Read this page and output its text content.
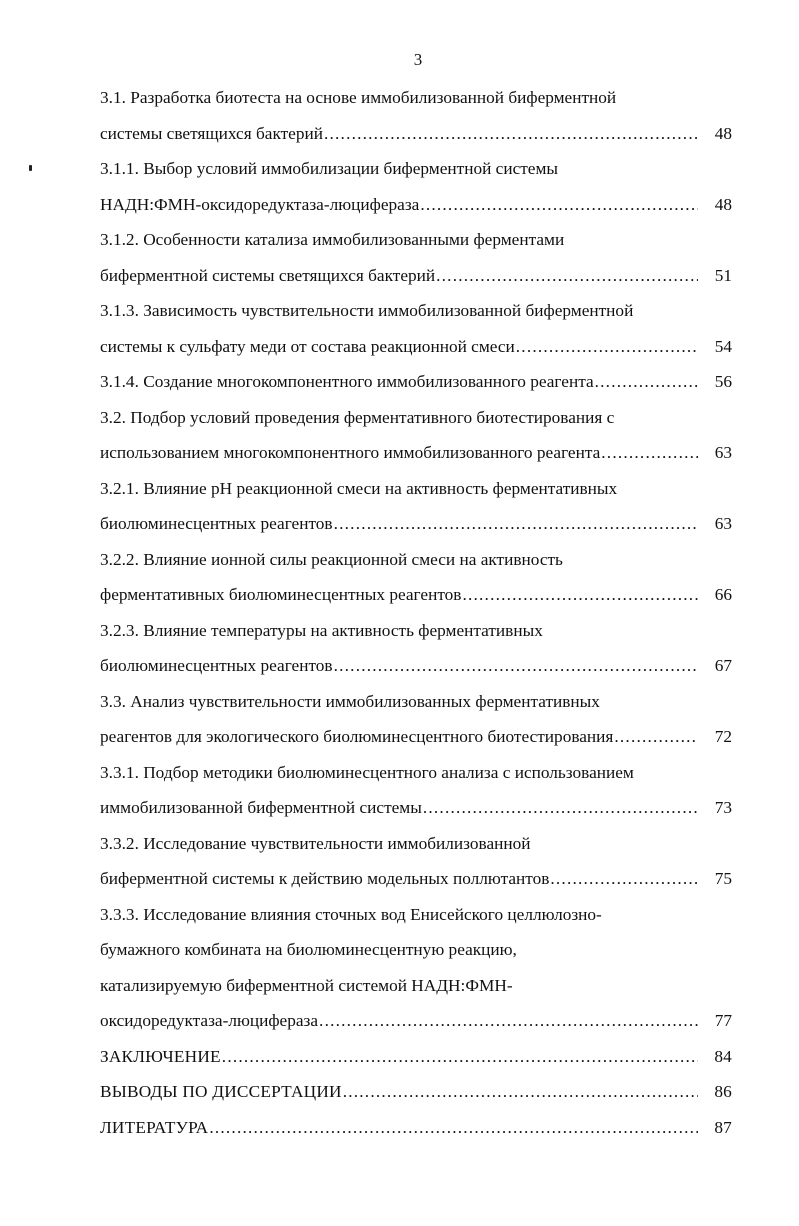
3
3.1. Разработка биотеста на основе иммобилизованной биферментной
системы светящихся бактерий .....	48
3.1.1. Выбор условий иммобилизации биферментной системы
НАДН:ФМН-оксидоредуктаза-люцифераза .....	48
3.1.2. Особенности катализа иммобилизованными ферментами
биферментной системы светящихся бактерий .....	51
3.1.3. Зависимость чувствительности иммобилизованной биферментной
системы к сульфату меди от состава реакционной смеси .....	54
3.1.4. Создание многокомпонентного иммобилизованного реагента .....	56
3.2. Подбор условий проведения ферментативного биотестирования с
использованием многокомпонентного иммобилизованного реагента .....	63
3.2.1. Влияние рН реакционной смеси на активность ферментативных
биолюминесцентных реагентов .....	63
3.2.2. Влияние ионной силы реакционной смеси на активность
ферментативных биолюминесцентных реагентов .....	66
3.2.3. Влияние температуры на активность ферментативных
биолюминесцентных реагентов .....	67
3.3. Анализ чувствительности иммобилизованных ферментативных
реагентов для экологического биолюминесцентного биотестирования .....	72
3.3.1. Подбор методики биолюминесцентного анализа с использованием
иммобилизованной биферментной системы .....	73
3.3.2. Исследование чувствительности иммобилизованной
биферментной системы к действию модельных поллютантов .....	75
3.3.3. Исследование влияния сточных вод Енисейского целлюлозно-
бумажного комбината на биолюминесцентную реакцию,
катализируемую биферментной системой НАДН:ФМН-
оксидоредуктаза-люцифераза .....	77
ЗАКЛЮЧЕНИЕ .....	84
ВЫВОДЫ ПО ДИССЕРТАЦИИ .....	86
ЛИТЕРАТУРА .....	87
